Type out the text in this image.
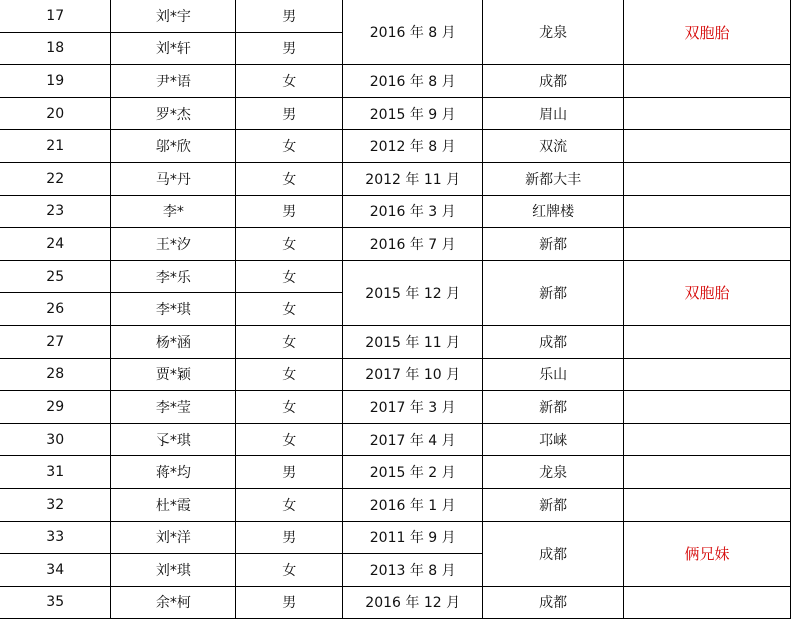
17	刘*宇	男	2016 年 8 月	龙泉	双胞胎
18	刘*轩	男			
19	尹*语	女	2016 年 8 月	成都	
20	罗*杰	男	2015 年 9 月	眉山	
21	邬*欣	女	2012 年 8 月	双流	
22	马*丹	女	2012 年 11 月	新都大丰	
23	李*	男	2016 年 3 月	红牌楼	
24	王*汐	女	2016 年 7 月	新都	
25	李*乐	女	2015 年 12 月	新都	双胞胎
26	李*琪	女			
27	杨*涵	女	2015 年 11 月	成都	
28	贾*颖	女	2017 年 10 月	乐山	
29	李*莹	女	2017 年 3 月	新都	
30	孓*琪	女	2017 年 4 月	邛崃	
31	蒋*均	男	2015 年 2 月	龙泉	
32	杜*霞	女	2016 年 1 月	新都	
33	刘*洋	男	2011 年 9 月	成都	俩兄妹
34	刘*琪	女	2013 年 8 月		
35	余*柯	男	2016 年 12 月	成都	
